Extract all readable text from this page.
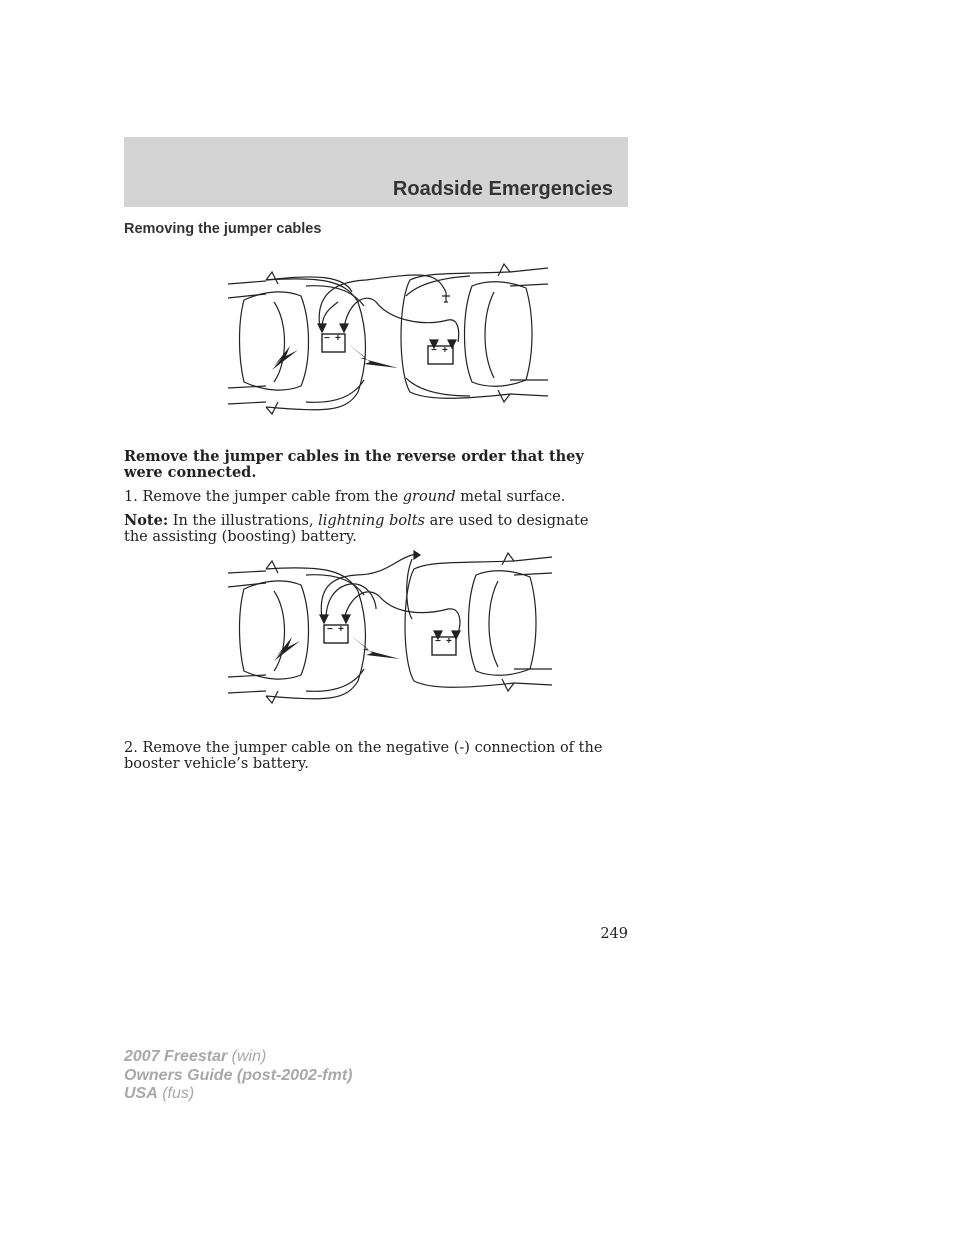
Roadside Emergencies
Removing the jumper cables
− +
− +

Remove the jumper cables in the reverse order that they were connected.

1. Remove the jumper cable from the ground metal surface.

Note: In the illustrations, lightning bolts are used to designate the assisting (boosting) battery.

− +
− +

2. Remove the jumper cable on the negative (-) connection of the booster vehicle’s battery.

249
2007 Freestar (win)
Owners Guide (post-2002-fmt)
USA (fus)
